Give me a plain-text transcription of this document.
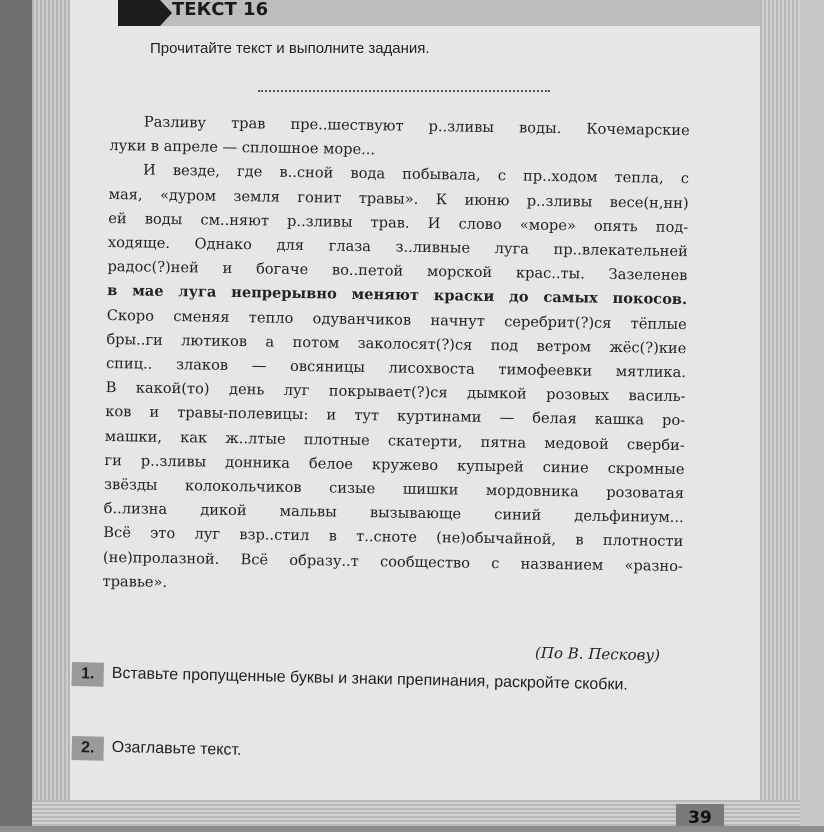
ТЕКСТ 16
Прочитайте текст и выполните задания.
Разливу трав пре..шествуют р..зливы воды. Кочемарские
луки в апреле — сплошное море...
И везде, где в..сной вода побывала, с пр..ходом тепла, с
мая, «дуром земля гонит травы». К июню р..зливы весе(н,нн)
ей воды см..няют р..зливы трав. И слово «море» опять под-
ходяще. Однако для глаза з..ливные луга пр..влекательней
радос(?)ней и богаче во..петой морской крас..ты. Зазеленев
в мае луга непрерывно меняют краски до самых покосов.
Скоро сменяя тепло одуванчиков начнут серебрит(?)ся тёплые
бры..ги лютиков а потом заколосят(?)ся под ветром жёс(?)кие
спиц.. злаков — овсяницы лисохвоста тимофеевки мятлика.
В какой(то) день луг покрывает(?)ся дымкой розовых василь-
ков и травы-полевицы: и тут куртинами — белая кашка ро-
машки, как ж..лтые плотные скатерти, пятна медовой сверби-
ги р..зливы донника белое кружево купырей синие скромные
звёзды колокольчиков сизые шишки мордовника розоватая
б..лизна дикой мальвы вызывающе синий дельфиниум...
Всё это луг взр..стил в т..сноте (не)обычайной, в плотности
(не)пролазной. Всё образу..т сообщество с названием «разно-
травье».
(По В. Пескову)
1. Вставьте пропущенные буквы и знаки препинания, раскройте скобки.
2. Озаглавьте текст.
39
